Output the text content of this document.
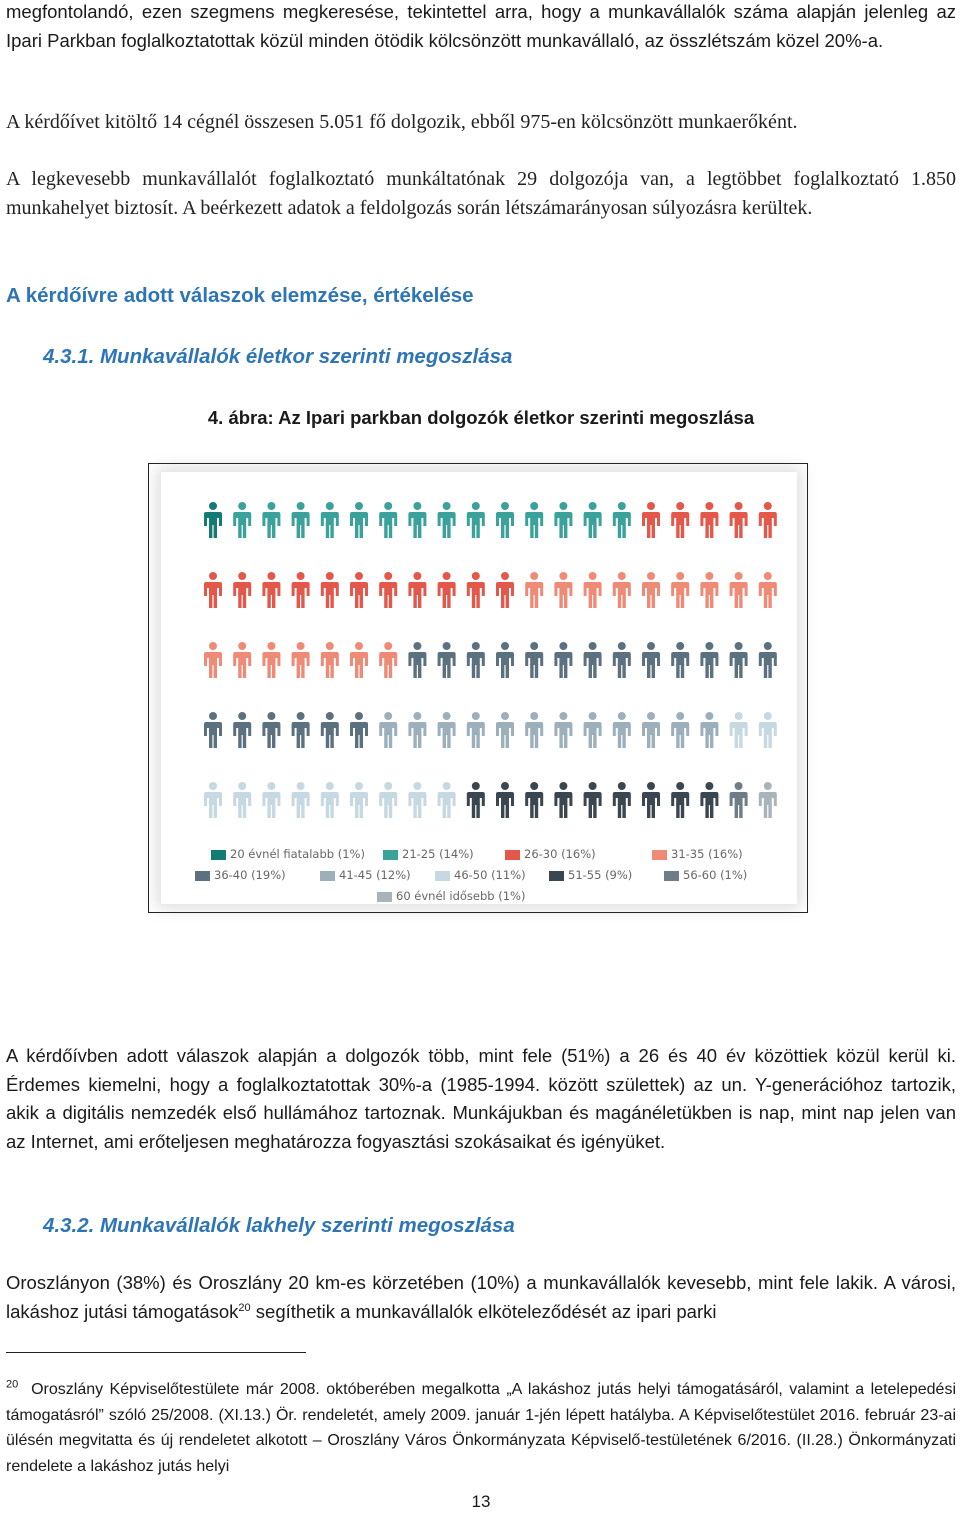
megfontolandó, ezen szegmens megkeresése, tekintettel arra, hogy a munkavállalók száma alapján jelenleg az Ipari Parkban foglalkoztatottak közül minden ötödik kölcsönzött munkavállaló, az összlétszám közel 20%-a.

A kérdőívet kitöltő 14 cégnél összesen 5.051 fő dolgozik, ebből 975-en kölcsönzött munkaerőként.

A legkevesebb munkavállalót foglalkoztató munkáltatónak 29 dolgozója van, a legtöbbet foglalkoztató 1.850 munkahelyet biztosít. A beérkezett adatok a feldolgozás során létszámarányosan súlyozásra kerültek.

A kérdőívre adott válaszok elemzése, értékelése

4.3.1. Munkavállalók életkor szerinti megoszlása

4. ábra: Az Ipari parkban dolgozók életkor szerinti megoszlása

20 évnél fiatalabb (1%)	21-25 (14%)	26-30 (16%)	31-35 (16%)
36-40 (19%)	41-45 (12%)	46-50 (11%)	51-55 (9%)	56-60 (1%)
60 évnél idősebb (1%)

A kérdőívben adott válaszok alapján a dolgozók több, mint fele (51%) a 26 és 40 év közöttiek közül kerül ki. Érdemes kiemelni, hogy a foglalkoztatottak 30%-a (1985-1994. között születtek) az un. Y-generációhoz tartozik, akik a digitális nemzedék első hullámához tartoznak. Munkájukban és magánéletükben is nap, mint nap jelen van az Internet, ami erőteljesen meghatározza fogyasztási szokásaikat és igényüket.

4.3.2. Munkavállalók lakhely szerinti megoszlása

Oroszlányon (38%) és Oroszlány 20 km-es körzetében (10%) a munkavállalók kevesebb, mint fele lakik. A városi, lakáshoz jutási támogatások$^{20}$ segíthetik a munkavállalók elköteleződését az ipari parki

$^{20}$ Oroszlány Képviselőtestülete már 2008. októberében megalkotta „A lakáshoz jutás helyi támogatásáról, valamint a letelepedési támogatásról” szóló 25/2008. (XI.13.) Ör. rendeletét, amely 2009. január 1-jén lépett hatályba. A Képviselőtestület 2016. február 23-ai ülésén megvitatta és új rendeletet alkotott – Oroszlány Város Önkormányzata Képviselő-testületének 6/2016. (II.28.) Önkormányzati rendelete a lakáshoz jutás helyi

13
